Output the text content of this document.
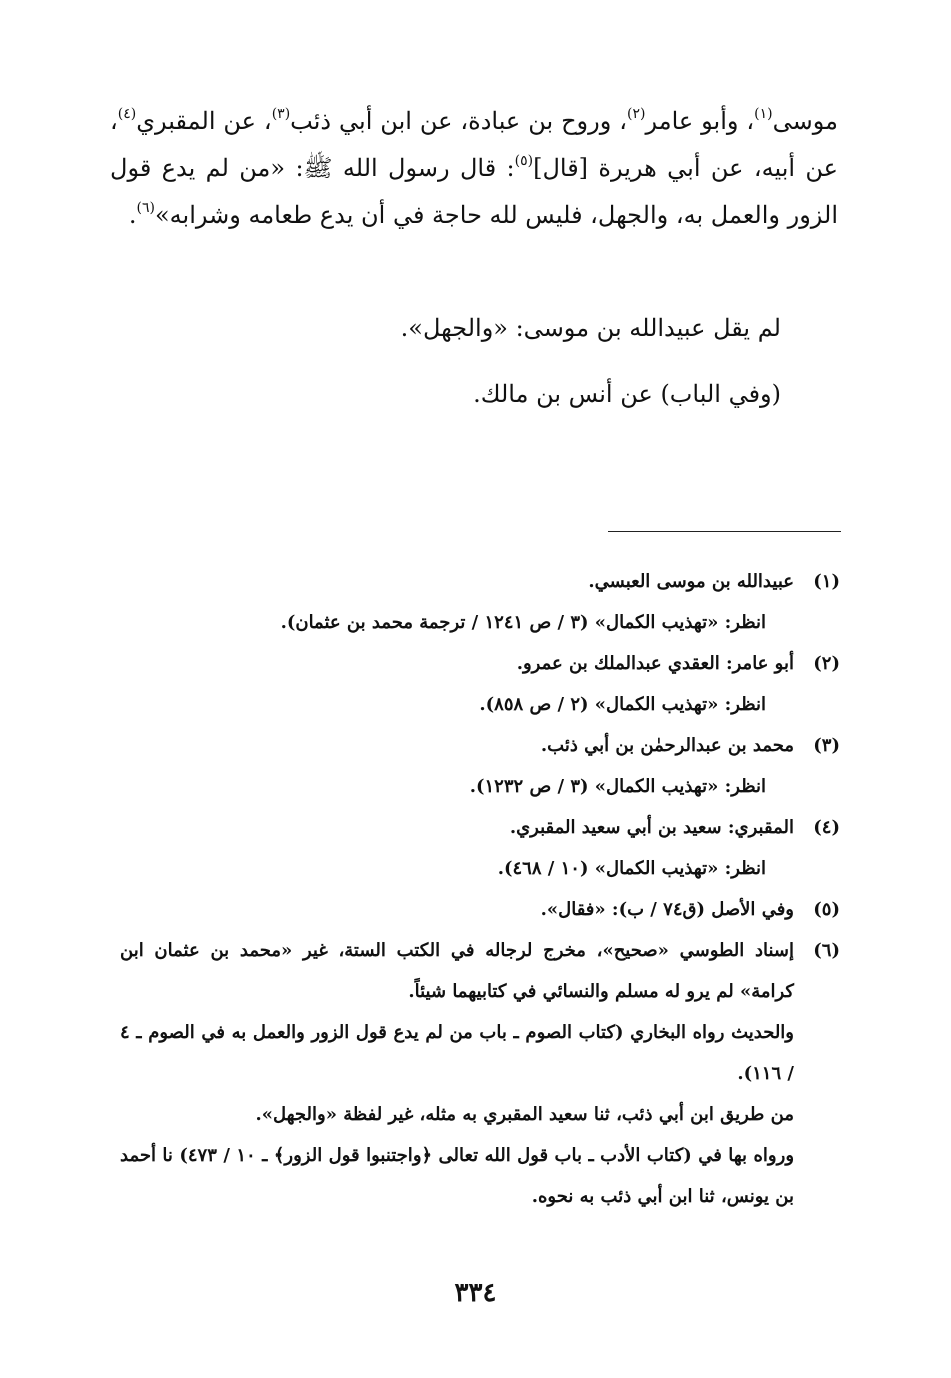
موسى$^{(١)}$، وأبو عامر$^{(٢)}$، وروح بن عبادة، عن ابن أبي ذئب$^{(٣)}$، عن المقبري$^{(٤)}$، عن أبيه، عن أبي هريرة [قال]$^{(٥)}$: قال رسول الله ﷺ: «من لم يدع قول الزور والعمل به، والجهل، فليس لله حاجة في أن يدع طعامه وشرابه»$^{(٦)}$.

لم يقل عبيدالله بن موسى: «والجهل».
(وفي الباب) عن أنس بن مالك.
(١)
عبيدالله بن موسى العبسي.
انظر: «تهذيب الكمال» (٣ / ص ١٢٤١ / ترجمة محمد بن عثمان).
(٢)
أبو عامر: العقدي عبدالملك بن عمرو.
انظر: «تهذيب الكمال» (٢ / ص ٨٥٨).
(٣)
محمد بن عبدالرحمٰن بن أبي ذئب.
انظر: «تهذيب الكمال» (٣ / ص ١٢٣٢).
(٤)
المقبري: سعيد بن أبي سعيد المقبري.
انظر: «تهذيب الكمال» (١٠ / ٤٦٨).
(٥)
وفي الأصل (ق٧٤ / ب): «فقال».
(٦)
إسناد الطوسي «صحيح»، مخرج لرجاله في الكتب الستة، غير «محمد بن عثمان ابن كرامة» لم يرو له مسلم والنسائي في كتابيهما شيئاً.
والحديث رواه البخاري (كتاب الصوم ـ باب من لم يدع قول الزور والعمل به في الصوم ـ ٤ / ١١٦).
من طريق ابن أبي ذئب، ثنا سعيد المقبري به مثله، غير لفظة «والجهل».
ورواه بها في (كتاب الأدب ـ باب قول الله تعالى ﴿واجتنبوا قول الزور﴾ ـ ١٠ / ٤٧٣) نا أحمد بن يونس، ثنا ابن أبي ذئب به نحوه.
٣٣٤
